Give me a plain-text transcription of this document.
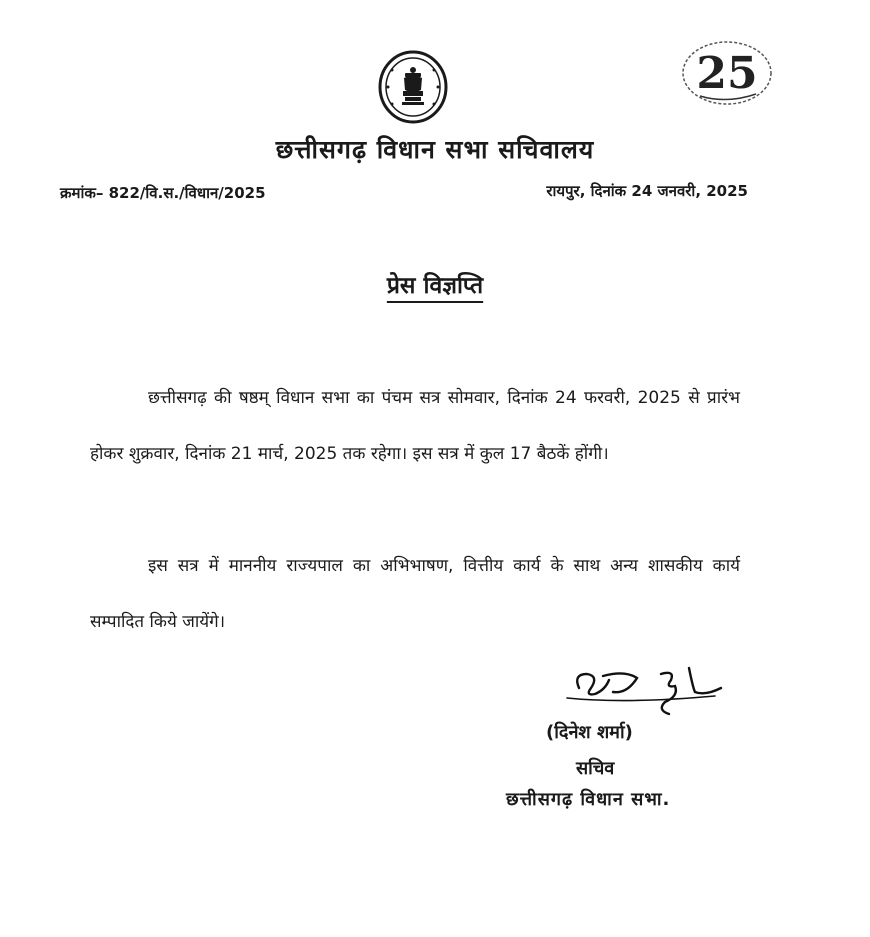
25
छत्तीसगढ़ विधान सभा सचिवालय
क्रमांक– 822/वि.स./विधान/2025	रायपुर, दिनांक 24 जनवरी, 2025
प्रेस विज्ञप्ति
छत्तीसगढ़ की षष्ठम् विधान सभा का पंचम सत्र सोमवार, दिनांक 24 फरवरी, 2025 से प्रारंभ होकर शुक्रवार, दिनांक 21 मार्च, 2025 तक रहेगा। इस सत्र में कुल 17 बैठकें होंगी।
इस सत्र में माननीय राज्यपाल का अभिभाषण, वित्तीय कार्य के साथ अन्य शासकीय कार्य सम्पादित किये जायेंगे।
(दिनेश शर्मा)
सचिव
छत्तीसगढ़ विधान सभा.
